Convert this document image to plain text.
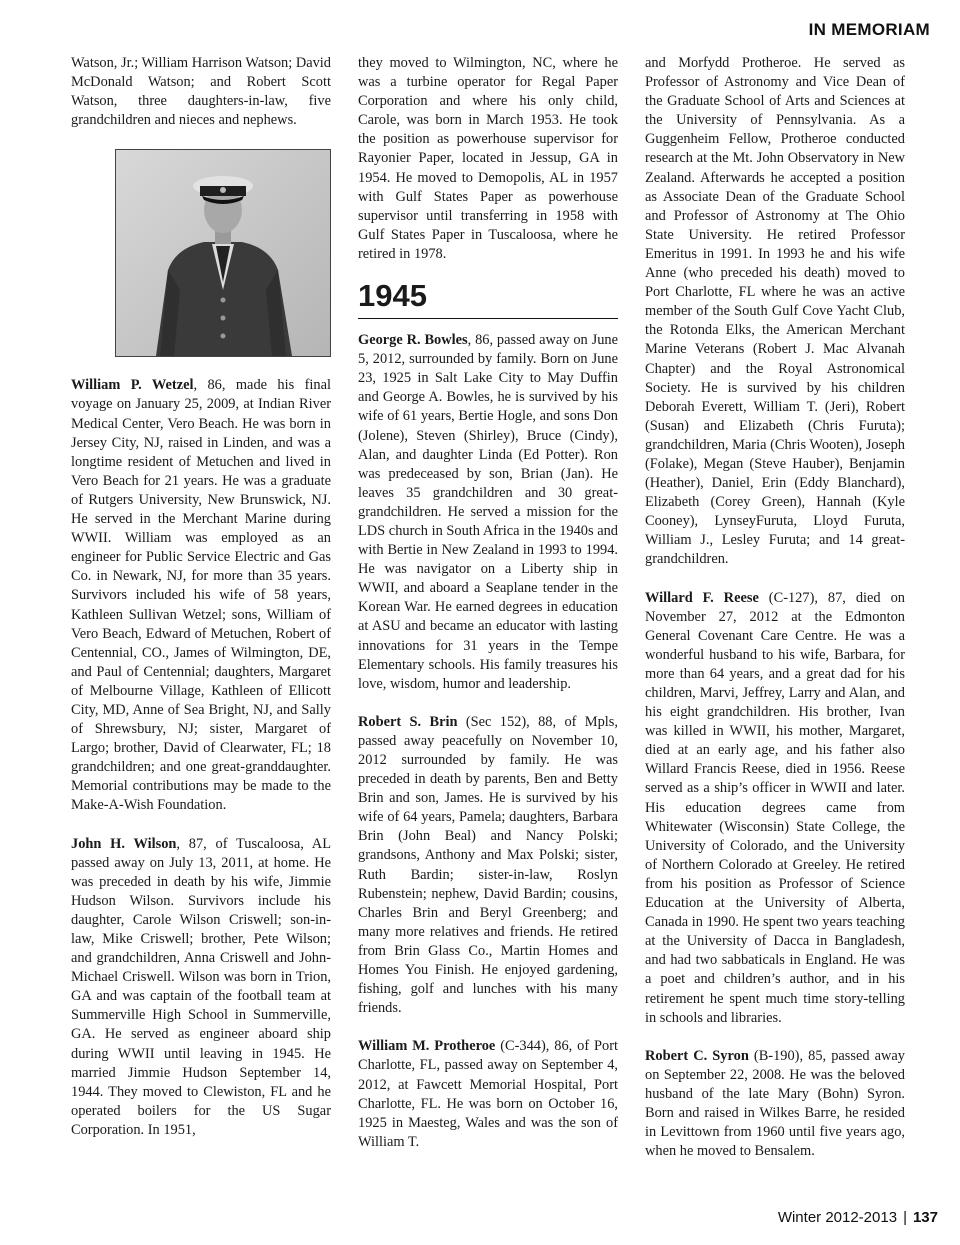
IN MEMORIAM

Watson, Jr.; William Harrison Watson; David McDonald Watson; and Robert Scott Watson, three daughters-in-law, five grandchildren and nieces and nephews.

William P. Wetzel, 86, made his final voyage on January 25, 2009, at Indian River Medical Center, Vero Beach. He was born in Jersey City, NJ, raised in Linden, and was a longtime resident of Metuchen and lived in Vero Beach for 21 years. He was a graduate of Rutgers University, New Brunswick, NJ. He served in the Merchant Marine during WWII. William was employed as an engineer for Public Service Electric and Gas Co. in Newark, NJ, for more than 35 years. Survivors included his wife of 58 years, Kathleen Sullivan Wetzel; sons, William of Vero Beach, Edward of Metuchen, Robert of Centennial, CO., James of Wilmington, DE, and Paul of Centennial; daughters, Margaret of Melbourne Village, Kathleen of Ellicott City, MD, Anne of Sea Bright, NJ, and Sally of Shrewsbury, NJ; sister, Margaret of Largo; brother, David of Clearwater, FL; 18 grandchildren; and one great-granddaughter. Memorial contributions may be made to the Make-A-Wish Foundation.

John H. Wilson, 87, of Tuscaloosa, AL passed away on July 13, 2011, at home. He was preceded in death by his wife, Jimmie Hudson Wilson. Survivors include his daughter, Carole Wilson Criswell; son-in-law, Mike Criswell; brother, Pete Wilson; and grandchildren, Anna Criswell and John-Michael Criswell. Wilson was born in Trion, GA and was captain of the football team at Summerville High School in Summerville, GA. He served as engineer aboard ship during WWII until leaving in 1945. He married Jimmie Hudson September 14, 1944. They moved to Clewiston, FL and he operated boilers for the US Sugar Corporation. In 1951,

they moved to Wilmington, NC, where he was a turbine operator for Regal Paper Corporation and where his only child, Carole, was born in March 1953. He took the position as powerhouse supervisor for Rayonier Paper, located in Jessup, GA in 1954. He moved to Demopolis, AL in 1957 with Gulf States Paper as powerhouse supervisor until transferring in 1958 with Gulf States Paper in Tuscaloosa, where he retired in 1978.

1945

George R. Bowles, 86, passed away on June 5, 2012, surrounded by family. Born on June 23, 1925 in Salt Lake City to May Duffin and George A. Bowles, he is survived by his wife of 61 years, Bertie Hogle, and sons Don (Jolene), Steven (Shirley), Bruce (Cindy), Alan, and daughter Linda (Ed Potter). Ron was predeceased by son, Brian (Jan). He leaves 35 grandchildren and 30 great-grandchildren. He served a mission for the LDS church in South Africa in the 1940s and with Bertie in New Zealand in 1993 to 1994. He was navigator on a Liberty ship in WWII, and aboard a Seaplane tender in the Korean War. He earned degrees in education at ASU and became an educator with lasting innovations for 31 years in the Tempe Elementary schools. His family treasures his love, wisdom, humor and leadership.

Robert S. Brin (Sec 152), 88, of Mpls, passed away peacefully on November 10, 2012 surrounded by family. He was preceded in death by parents, Ben and Betty Brin and son, James. He is survived by his wife of 64 years, Pamela; daughters, Barbara Brin (John Beal) and Nancy Polski; grandsons, Anthony and Max Polski; sister, Ruth Bardin; sister-in-law, Roslyn Rubenstein; nephew, David Bardin; cousins, Charles Brin and Beryl Greenberg; and many more relatives and friends. He retired from Brin Glass Co., Martin Homes and Homes You Finish. He enjoyed gardening, fishing, golf and lunches with his many friends.

William M. Protheroe (C-344), 86, of Port Charlotte, FL, passed away on September 4, 2012, at Fawcett Memorial Hospital, Port Charlotte, FL. He was born on October 16, 1925 in Maesteg, Wales and was the son of William T.

and Morfydd Protheroe. He served as Professor of Astronomy and Vice Dean of the Graduate School of Arts and Sciences at the University of Pennsylvania. As a Guggenheim Fellow, Protheroe conducted research at the Mt. John Observatory in New Zealand. Afterwards he accepted a position as Associate Dean of the Graduate School and Professor of Astronomy at The Ohio State University. He retired Professor Emeritus in 1991. In 1993 he and his wife Anne (who preceded his death) moved to Port Charlotte, FL where he was an active member of the South Gulf Cove Yacht Club, the Rotonda Elks, the American Merchant Marine Veterans (Robert J. Mac Alvanah Chapter) and the Royal Astronomical Society. He is survived by his children Deborah Everett, William T. (Jeri), Robert (Susan) and Elizabeth (Chris Furuta); grandchildren, Maria (Chris Wooten), Joseph (Folake), Megan (Steve Hauber), Benjamin (Heather), Daniel, Erin (Eddy Blanchard), Elizabeth (Corey Green), Hannah (Kyle Cooney), LynseyFuruta, Lloyd Furuta, William J., Lesley Furuta; and 14 great-grandchildren.

Willard F. Reese (C-127), 87, died on November 27, 2012 at the Edmonton General Covenant Care Centre. He was a wonderful husband to his wife, Barbara, for more than 64 years, and a great dad for his children, Marvi, Jeffrey, Larry and Alan, and his eight grandchildren. His brother, Ivan was killed in WWII, his mother, Margaret, died at an early age, and his father also Willard Francis Reese, died in 1956. Reese served as a ship’s officer in WWII and later. His education degrees came from Whitewater (Wisconsin) State College, the University of Colorado, and the University of Northern Colorado at Greeley. He retired from his position as Professor of Science Education at the University of Alberta, Canada in 1990. He spent two years teaching at the University of Dacca in Bangladesh, and had two sabbaticals in England. He was a poet and children’s author, and in his retirement he spent much time story-telling in schools and libraries.

Robert C. Syron (B-190), 85, passed away on September 22, 2008. He was the beloved husband of the late Mary (Bohn) Syron. Born and raised in Wilkes Barre, he resided in Levittown from 1960 until five years ago, when he moved to Bensalem.

Winter 2012-2013 | 137
